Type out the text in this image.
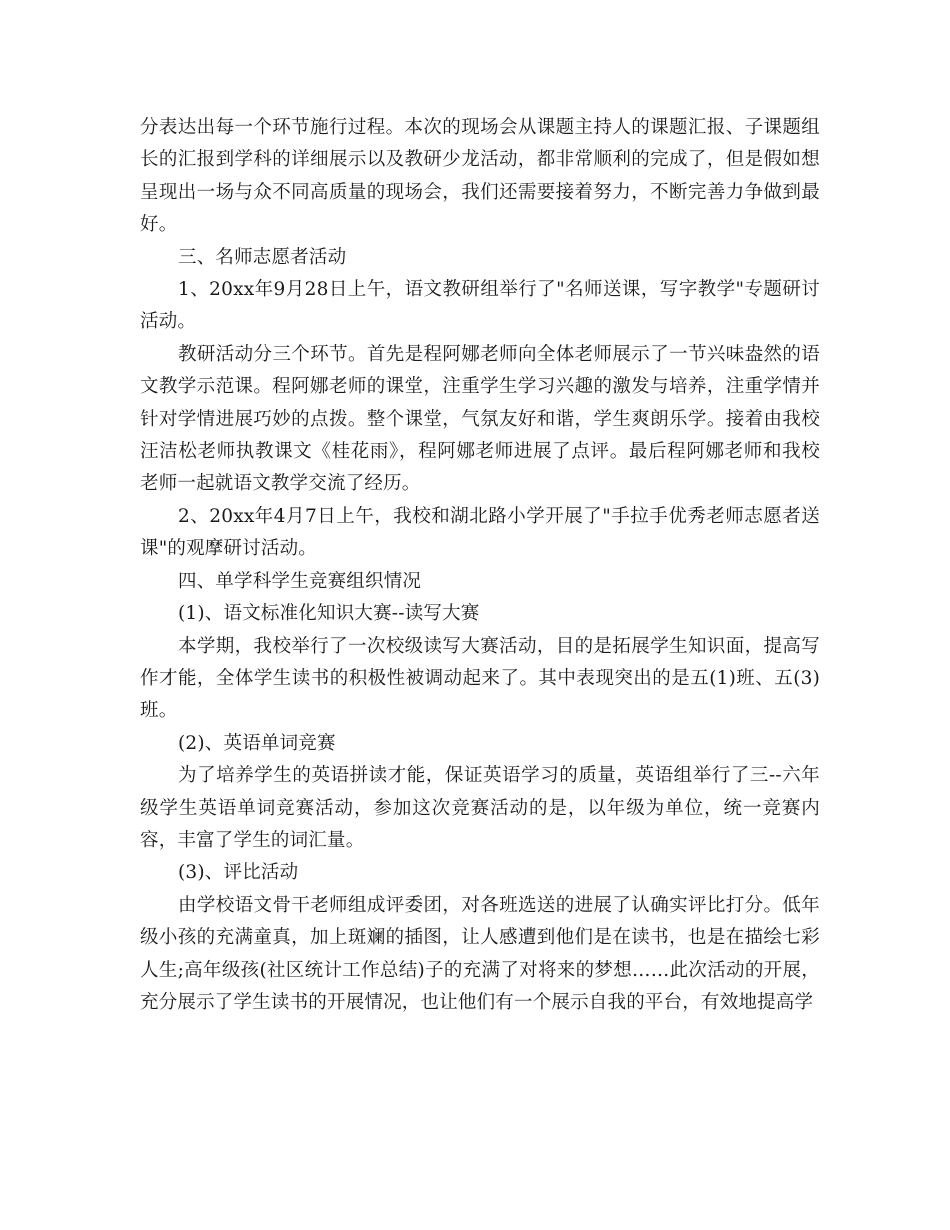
分表达出每一个环节施行过程。本次的现场会从课题主持人的课题汇报、子课题组长的汇报到学科的详细展示以及教研少龙活动，都非常顺利的完成了，但是假如想呈现出一场与众不同高质量的现场会，我们还需要接着努力，不断完善力争做到最好。

三、名师志愿者活动

1、20xx年9月28日上午，语文教研组举行了"名师送课，写字教学"专题研讨活动。

教研活动分三个环节。首先是程阿娜老师向全体老师展示了一节兴味盎然的语文教学示范课。程阿娜老师的课堂，注重学生学习兴趣的激发与培养，注重学情并针对学情进展巧妙的点拨。整个课堂，气氛友好和谐，学生爽朗乐学。接着由我校汪洁松老师执教课文《桂花雨》，程阿娜老师进展了点评。最后程阿娜老师和我校老师一起就语文教学交流了经历。

2、20xx年4月7日上午，我校和湖北路小学开展了"手拉手优秀老师志愿者送课"的观摩研讨活动。

四、单学科学生竞赛组织情况

(1)、语文标准化知识大赛--读写大赛

本学期，我校举行了一次校级读写大赛活动，目的是拓展学生知识面，提高写作才能，全体学生读书的积极性被调动起来了。其中表现突出的是五(1)班、五(3)班。

(2)、英语单词竞赛

为了培养学生的英语拼读才能，保证英语学习的质量，英语组举行了三--六年级学生英语单词竞赛活动，参加这次竞赛活动的是，以年级为单位，统一竞赛内容，丰富了学生的词汇量。

(3)、评比活动

由学校语文骨干老师组成评委团，对各班选送的进展了认确实评比打分。低年级小孩的充满童真，加上斑斓的插图，让人感遭到他们是在读书，也是在描绘七彩人生;高年级孩(社区统计工作总结)子的充满了对将来的梦想……此次活动的开展，充分展示了学生读书的开展情况，也让他们有一个展示自我的平台，有效地提高学
